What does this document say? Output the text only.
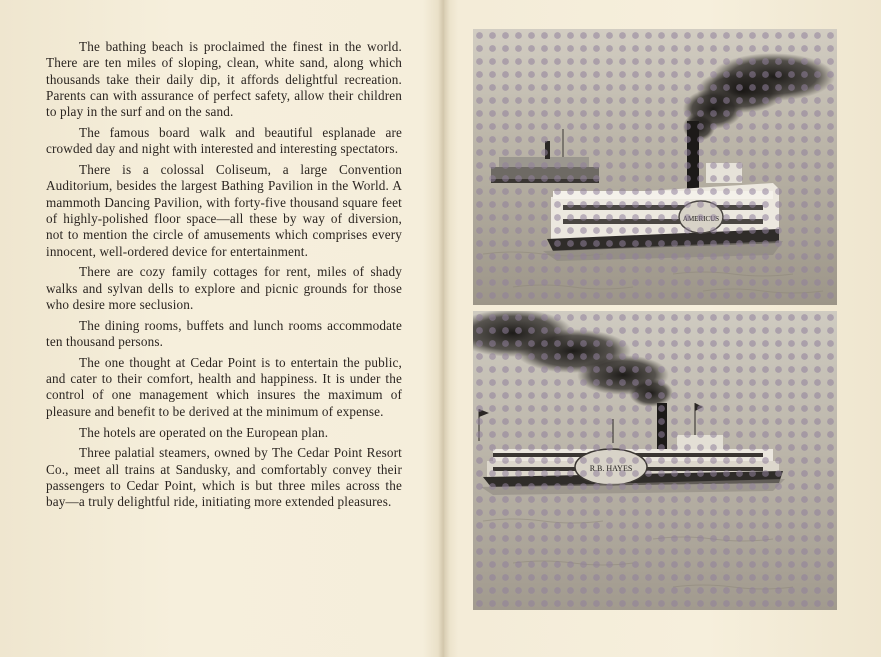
The bathing beach is proclaimed the finest in the world. There are ten miles of sloping, clean, white sand, along which thousands take their daily dip, it affords delightful recreation. Parents can with assurance of perfect safety, allow their children to play in the surf and on the sand.

The famous board walk and beautiful esplanade are crowded day and night with interested and interesting spectators.

There is a colossal Coliseum, a large Convention Auditorium, besides the largest Bathing Pavilion in the World. A mammoth Dancing Pavilion, with forty-five thousand square feet of highly-polished floor space—all these by way of diversion, not to mention the circle of amusements which comprises every innocent, well-ordered device for entertainment.

There are cozy family cottages for rent, miles of shady walks and sylvan dells to explore and picnic grounds for those who desire more seclusion.

The dining rooms, buffets and lunch rooms accommodate ten thousand persons.

The one thought at Cedar Point is to entertain the public, and cater to their comfort, health and happiness. It is under the control of one management which insures the maximum of pleasure and benefit to be derived at the minimum of expense.

The hotels are operated on the European plan.

Three palatial steamers, owned by The Cedar Point Resort Co., meet all trains at Sandusky, and comfortably convey their passengers to Cedar Point, which is but three miles across the bay—a truly delightful ride, initiating more extended pleasures.
